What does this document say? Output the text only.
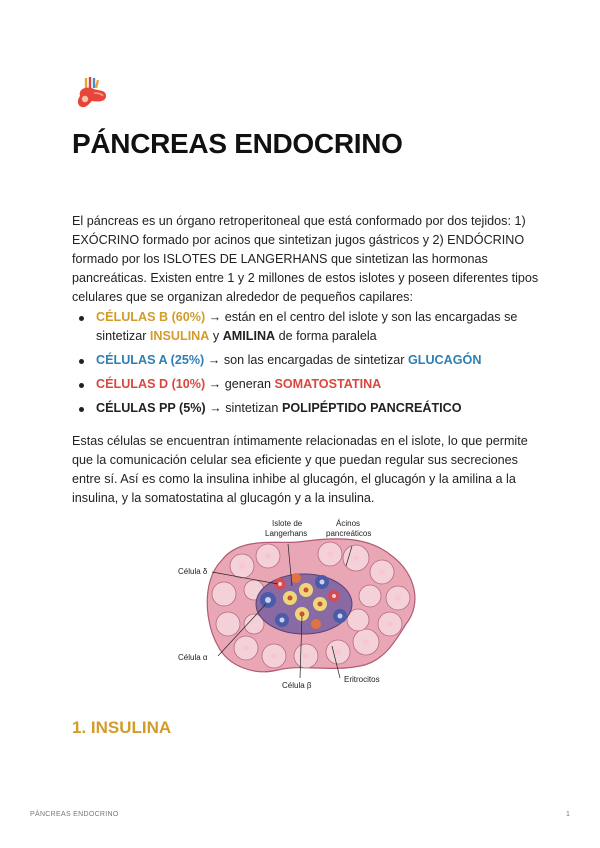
PÁNCREAS ENDOCRINO

El páncreas es un órgano retroperitoneal que está conformado por dos tejidos: 1) EXÓCRINO formado por acinos que sintetizan jugos gástricos y 2) ENDÓCRINO formado por los ISLOTES DE LANGERHANS que sintetizan las hormonas pancreáticas. Existen entre 1 y 2 millones de estos islotes y poseen diferentes tipos celulares que se organizan alrededor de pequeños capilares:

CÉLULAS B (60%) → están en el centro del islote y son las encargadas se sintetizar INSULINA y AMILINA de forma paralela
CÉLULAS A (25%) → son las encargadas de sintetizar GLUCAGÓN
CÉLULAS D (10%) → generan SOMATOSTATINA
CÉLULAS PP (5%) → sintetizan POLIPÉPTIDO PANCREÁTICO

Estas células se encuentran íntimamente relacionadas en el islote, lo que permite que la comunicación celular sea eficiente y que puedan regular sus secreciones entre sí. Así es como la insulina inhibe al glucagón, el glucagón y la amilina a la insulina, y la somatostatina al glucagón y a la insulina.

Islote de
Langerhans
Ácinos
pancreáticos
Célula δ
Célula α
Célula β
Eritrocitos
1. INSULINA
PÁNCREAS ENDOCRINO	1
